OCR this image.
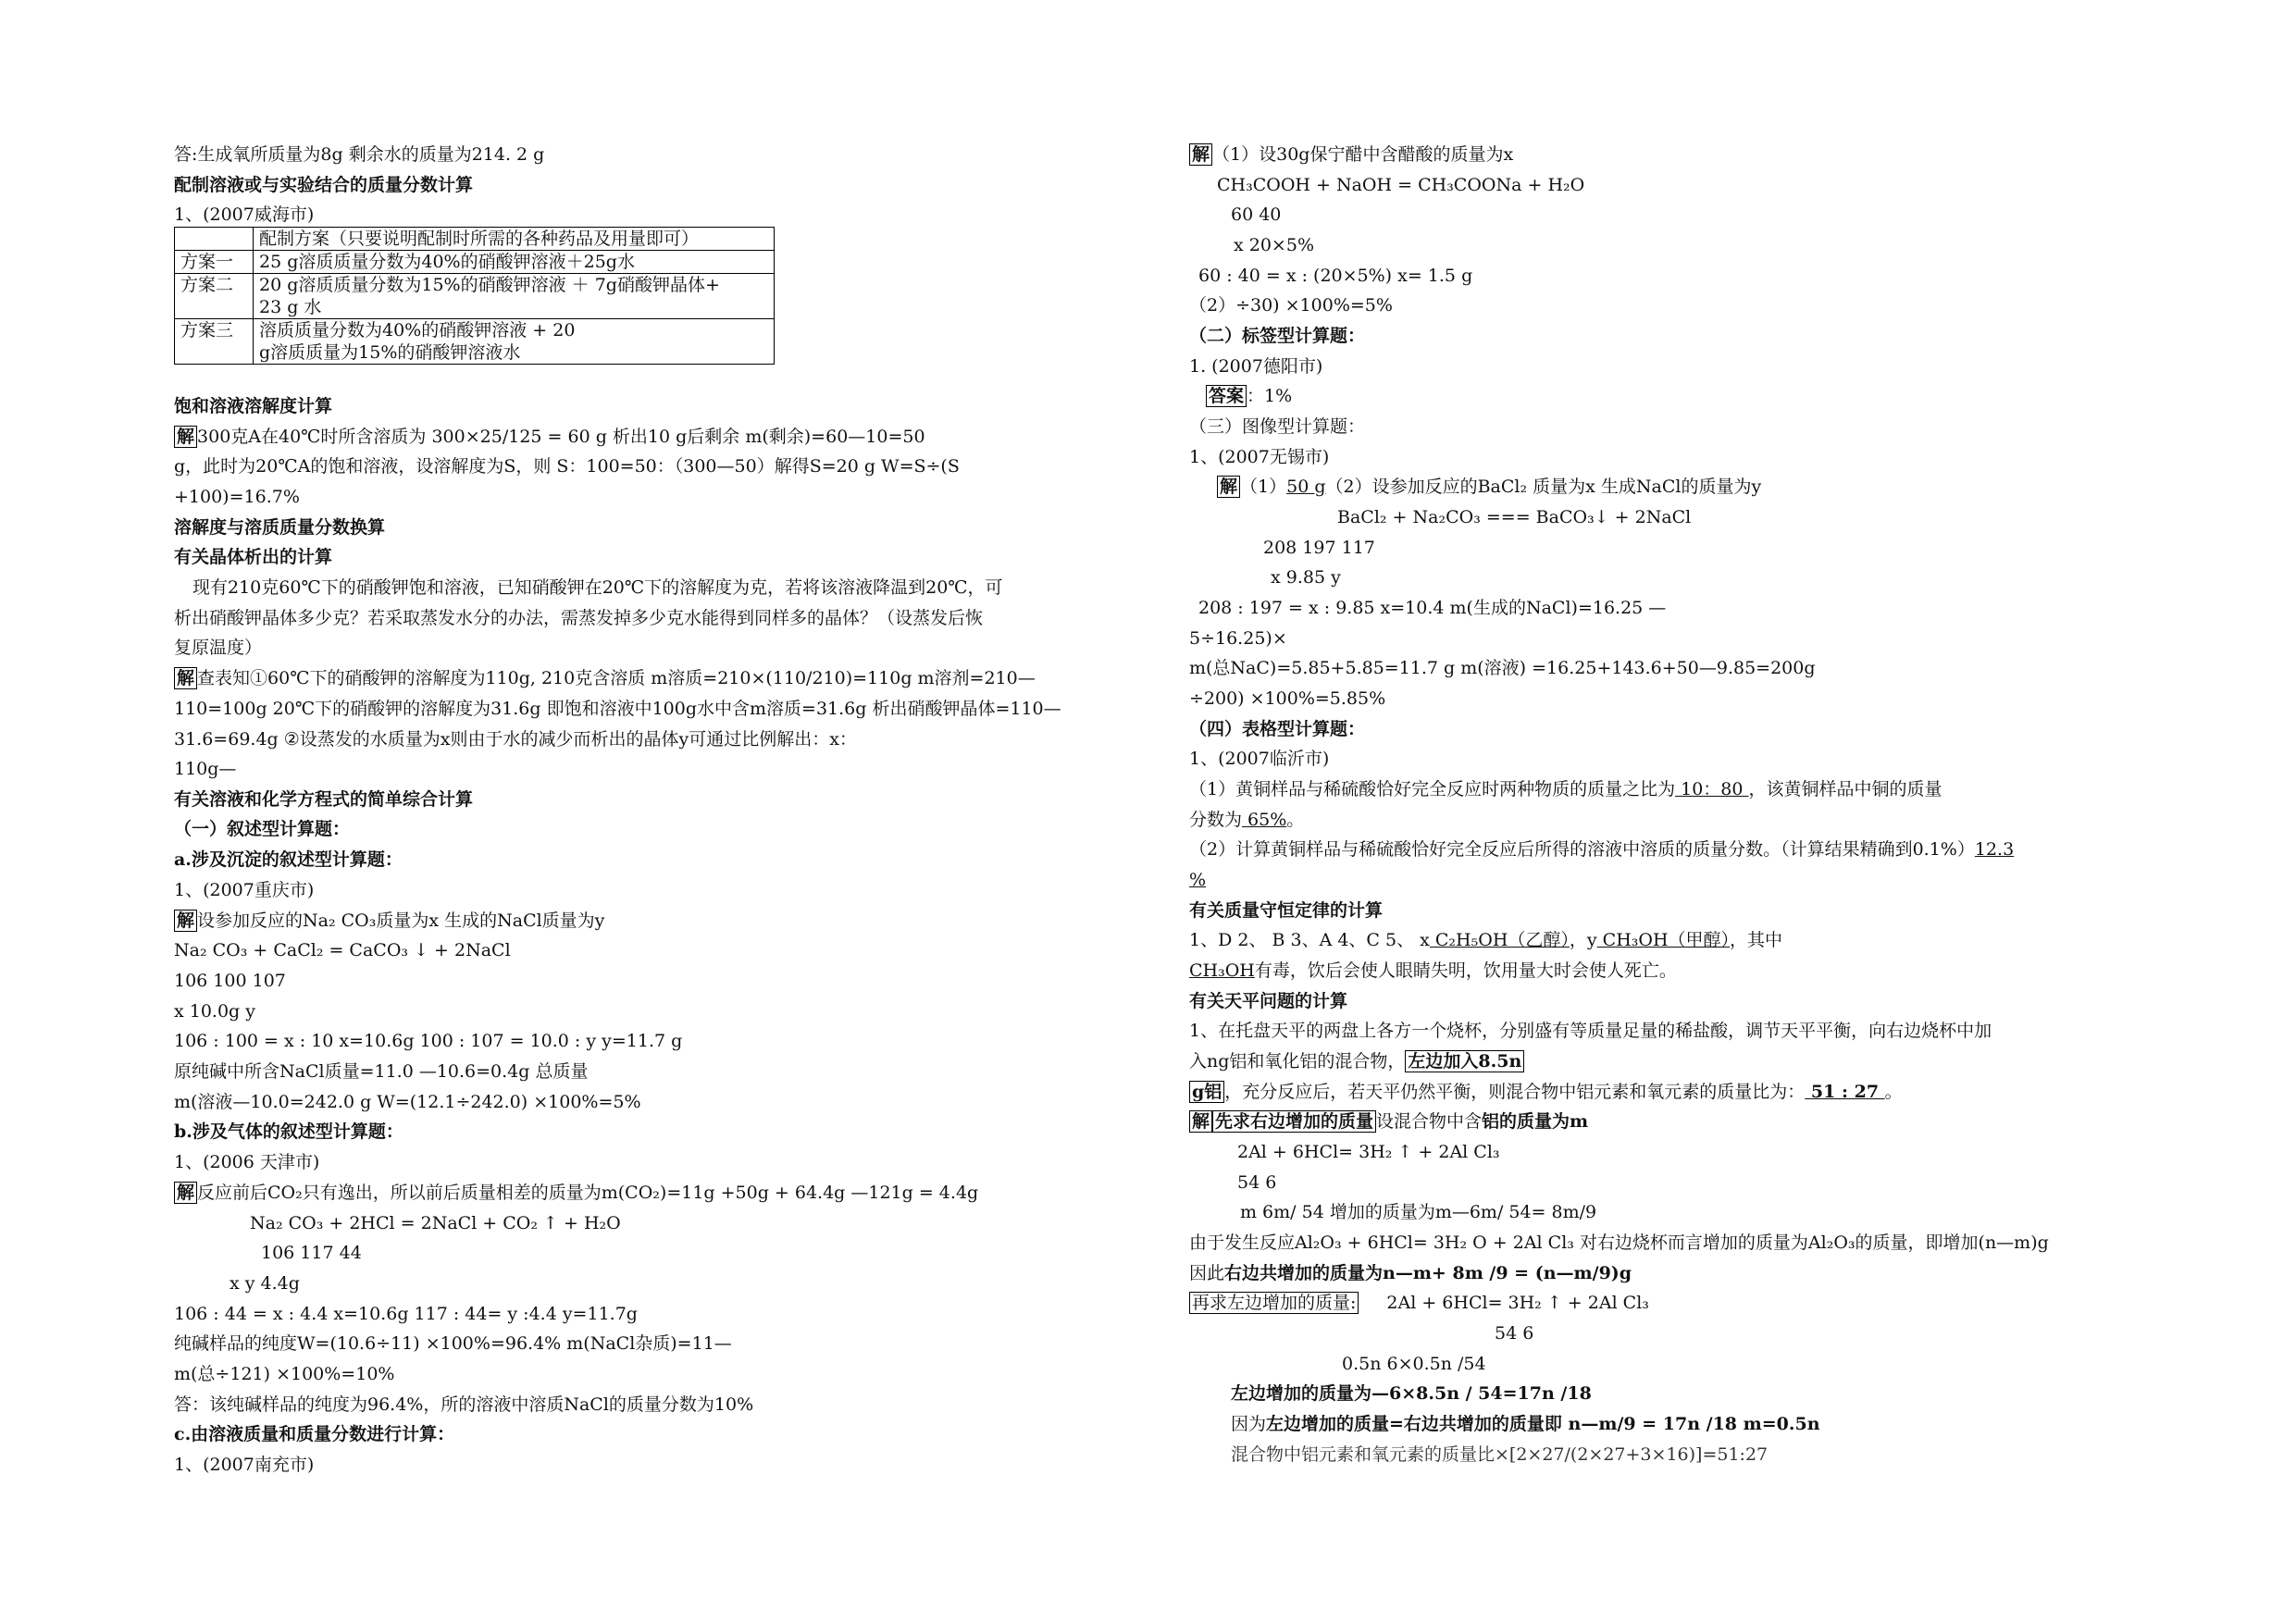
答:生成氧所质量为8g 剩余水的质量为214. 2 g
配制溶液或与实验结合的质量分数计算
1、(2007威海市)
	配制方案（只要说明配制时所需的各种药品及用量即可）
方案一	25 g溶质质量分数为40%的硝酸钾溶液＋25g水
方案二	20 g溶质质量分数为15%的硝酸钾溶液 ＋ 7g硝酸钾晶体+
23 g 水

方案三	溶质质量分数为40%的硝酸钾溶液 + 20
g溶质质量为15%的硝酸钾溶液水
饱和溶液溶解度计算
解 300克A在40℃时所含溶质为 300×25/125 = 60 g 析出10 g后剩余 m(剩余)=60—10=50
g，此时为20℃A的饱和溶液，设溶解度为S，则 S：100=50：（300—50）解得S=20 g W=S÷(S
+100)=16.7%
溶解度与溶质质量分数换算
有关晶体析出的计算
现有210克60℃下的硝酸钾饱和溶液，已知硝酸钾在20℃下的溶解度为克，若将该溶液降温到20℃，可
析出硝酸钾晶体多少克？若采取蒸发水分的办法，需蒸发掉多少克水能得到同样多的晶体？（设蒸发后恢
复原温度）
解 查表知①60℃下的硝酸钾的溶解度为110g, 210克含溶质 m溶质=210×(110/210)=110g m溶剂=210—
110=100g 20℃下的硝酸钾的溶解度为31.6g 即饱和溶液中100g水中含m溶质=31.6g 析出硝酸钾晶体=110—
31.6=69.4g ②设蒸发的水质量为x则由于水的减少而析出的晶体y可通过比例解出：x：
110g—
有关溶液和化学方程式的简单综合计算
（一）叙述型计算题：
a.涉及沉淀的叙述型计算题：
1、(2007重庆市)
解 设参加反应的Na₂ CO₃质量为x 生成的NaCl质量为y
Na₂ CO₃ + CaCl₂ = CaCO₃ ↓ + 2NaCl
106 100 107
x 10.0g y
106 : 100 = x : 10 x=10.6g 100 : 107 = 10.0 : y y=11.7 g
原纯碱中所含NaCl质量=11.0 —10.6=0.4g 总质量
m(溶液—10.0=242.0 g W=(12.1÷242.0) ×100%=5%
b.涉及气体的叙述型计算题：
1、(2006 天津市)
解 反应前后CO₂只有逸出，所以前后质量相差的质量为m(CO₂)=11g +50g + 64.4g —121g = 4.4g
Na₂ CO₃ + 2HCl = 2NaCl + CO₂ ↑ + H₂O
106 117 44
x y 4.4g
106 : 44 = x : 4.4 x=10.6g 117 : 44= y :4.4 y=11.7g
纯碱样品的纯度W=(10.6÷11) ×100%=96.4% m(NaCl杂质)=11—
m(总÷121) ×100%=10%
答：该纯碱样品的纯度为96.4%，所的溶液中溶质NaCl的质量分数为10%
c.由溶液质量和质量分数进行计算：
1、(2007南充市)
解 （1）设30g保宁醋中含醋酸的质量为x
CH₃COOH + NaOH = CH₃COONa + H₂O
60 40
x 20×5%
60 : 40 = x : (20×5%) x= 1.5 g
（2）÷30) ×100%=5%
（二）标签型计算题：
1. (2007德阳市)
答案 ：1%
（三）图像型计算题：
1、(2007无锡市)
解 （1）50 g（2）设参加反应的BaCl₂ 质量为x 生成NaCl的质量为y
BaCl₂ + Na₂CO₃ === BaCO₃↓ + 2NaCl
208 197 117
x 9.85 y
208 : 197 = x : 9.85 x=10.4 m(生成的NaCl)=16.25 —
5÷16.25)×
m(总NaC)=5.85+5.85=11.7 g m(溶液) =16.25+143.6+50—9.85=200g
÷200) ×100%=5.85%
（四）表格型计算题：
1、(2007临沂市)
（1）黄铜样品与稀硫酸恰好完全反应时两种物质的质量之比为 10：80 ，该黄铜样品中铜的质量
分数为 65%。
（2）计算黄铜样品与稀硫酸恰好完全反应后所得的溶液中溶质的质量分数。（计算结果精确到0.1%）12.3
%
有关质量守恒定律的计算
1、D 2、 B 3、A 4、C 5、 x C₂H₅OH（乙醇），y CH₃OH（甲醇），其中
CH₃OH有毒，饮后会使人眼睛失明，饮用量大时会使人死亡。
有关天平问题的计算
1、在托盘天平的两盘上各方一个烧杯，分别盛有等质量足量的稀盐酸，调节天平平衡，向右边烧杯中加
入ng铝和氧化铝的混合物， 左边加入8.5n
g铝 ，充分反应后，若天平仍然平衡，则混合物中铝元素和氧元素的质量比为： 51 : 27 。
解 先求右边增加的质量 设混合物中含铝的质量为m
2Al + 6HCl= 3H₂ ↑ + 2Al Cl₃
54 6
m 6m/ 54 增加的质量为m—6m/ 54= 8m/9
由于发生反应Al₂O₃ + 6HCl= 3H₂ O + 2Al Cl₃ 对右边烧杯而言增加的质量为Al₂O₃的质量，即增加(n—m)g
因此右边共增加的质量为n—m+ 8m /9 = (n—m/9)g
再求左边增加的质量: 2Al + 6HCl= 3H₂ ↑ + 2Al Cl₃
54 6
0.5n 6×0.5n /54
左边增加的质量为—6×8.5n / 54=17n /18
因为左边增加的质量=右边共增加的质量即 n—m/9 = 17n /18 m=0.5n
混合物中铝元素和氧元素的质量比×[2×27/(2×27+3×16)]=51:27
